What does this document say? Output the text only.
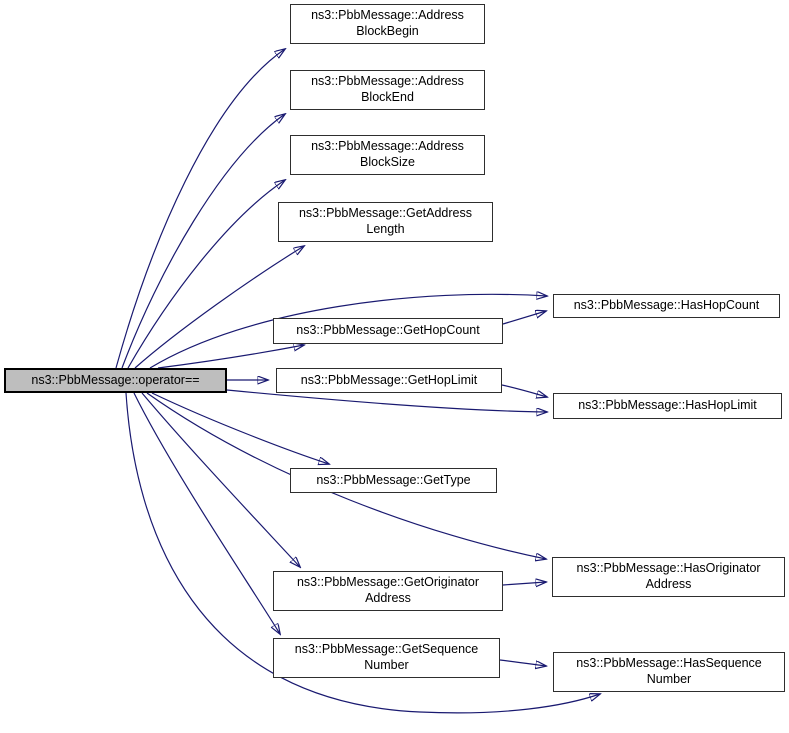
ns3::PbbMessage::operator==
ns3::PbbMessage::Address
BlockBegin
ns3::PbbMessage::Address
BlockEnd
ns3::PbbMessage::Address
BlockSize
ns3::PbbMessage::GetAddress
Length
ns3::PbbMessage::GetHopCount
ns3::PbbMessage::GetHopLimit
ns3::PbbMessage::GetType
ns3::PbbMessage::GetOriginator
Address
ns3::PbbMessage::GetSequence
Number
ns3::PbbMessage::HasHopCount
ns3::PbbMessage::HasHopLimit
ns3::PbbMessage::HasOriginator
Address
ns3::PbbMessage::HasSequence
Number
